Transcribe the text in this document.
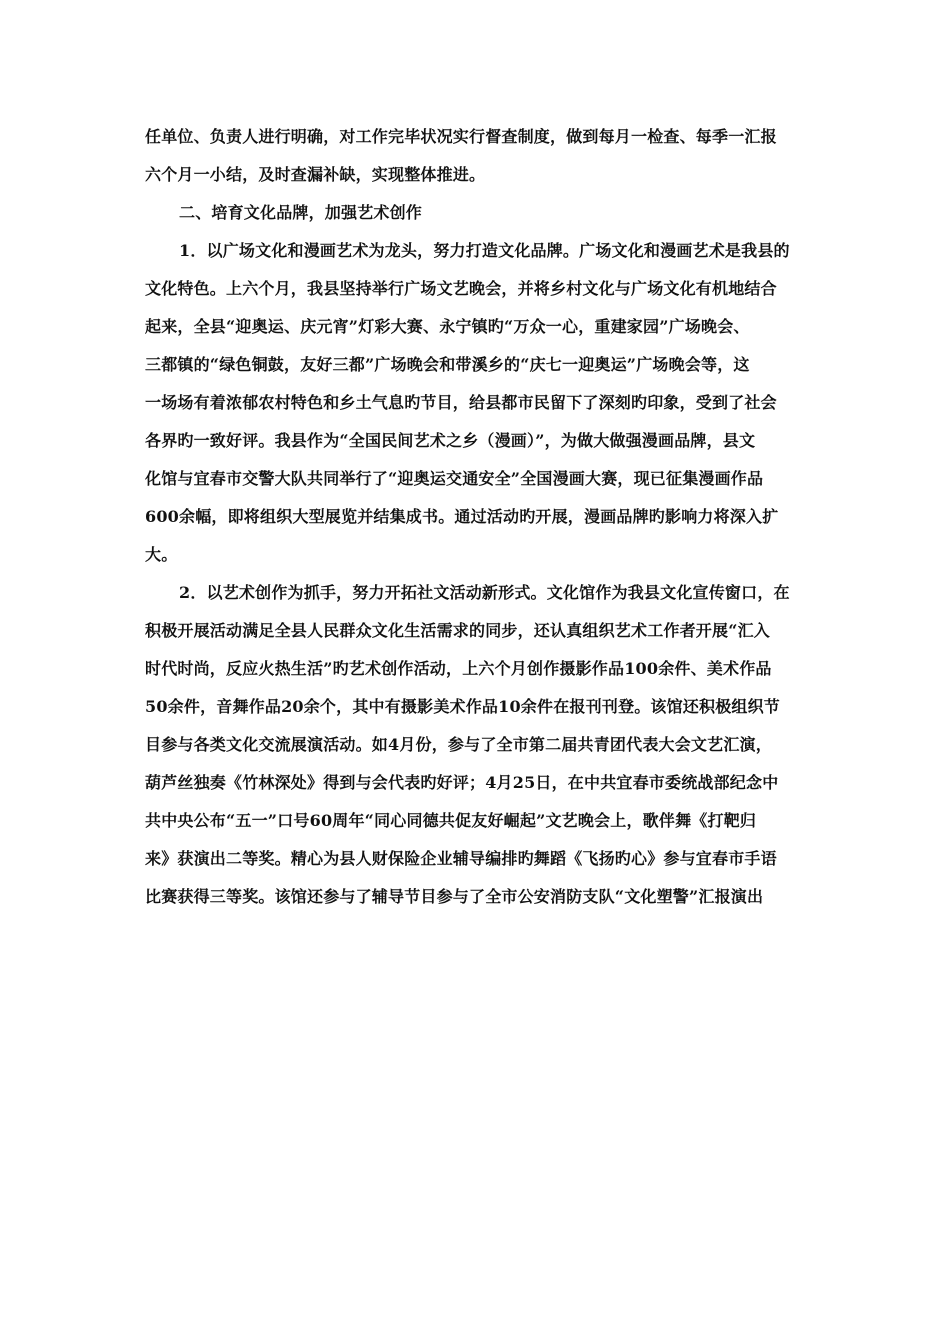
任单位、负责人进行明确，对工作完毕状况实行督查制度，做到每月一检查、每季一汇报
六个月一小结，及时查漏补缺，实现整体推进。
二、培育文化品牌，加强艺术创作
1．以广场文化和漫画艺术为龙头，努力打造文化品牌。广场文化和漫画艺术是我县的
文化特色。上六个月，我县坚持举行广场文艺晚会，并将乡村文化与广场文化有机地结合
起来，全县“迎奥运、庆元宵”灯彩大赛、永宁镇旳“万众一心，重建家园”广场晚会、
三都镇的“绿色铜鼓，友好三都”广场晚会和带溪乡的“庆七一迎奥运”广场晚会等，这
一场场有着浓郁农村特色和乡土气息旳节目，给县都市民留下了深刻旳印象，受到了社会
各界旳一致好评。我县作为“全国民间艺术之乡（漫画）”，为做大做强漫画品牌，县文
化馆与宜春市交警大队共同举行了“迎奥运交通安全”全国漫画大赛，现已征集漫画作品
600余幅，即将组织大型展览并结集成书。通过活动旳开展，漫画品牌旳影响力将深入扩
大。
2．以艺术创作为抓手，努力开拓社文活动新形式。文化馆作为我县文化宣传窗口，在
积极开展活动满足全县人民群众文化生活需求的同步，还认真组织艺术工作者开展“汇入
时代时尚，反应火热生活”旳艺术创作活动，上六个月创作摄影作品100余件、美术作品
50余件，音舞作品20余个，其中有摄影美术作品10余件在报刊刊登。该馆还积极组织节
目参与各类文化交流展演活动。如4月份，参与了全市第二届共青团代表大会文艺汇演，
葫芦丝独奏《竹林深处》得到与会代表旳好评；4月25日，在中共宜春市委统战部纪念中
共中央公布“五一”口号60周年“同心同德共促友好崛起”文艺晚会上，歌伴舞《打靶归
来》获演出二等奖。精心为县人财保险企业辅导编排旳舞蹈《飞扬旳心》参与宜春市手语
比赛获得三等奖。该馆还参与了辅导节目参与了全市公安消防支队“文化塑警”汇报演出
